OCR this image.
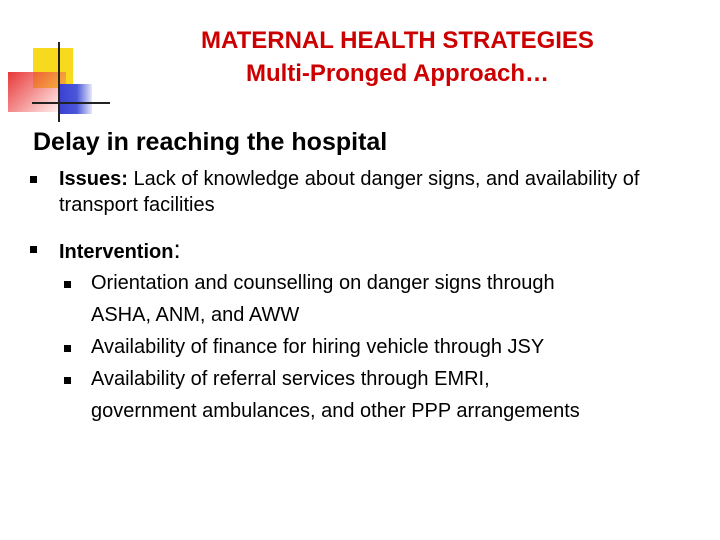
MATERNAL HEALTH STRATEGIES
Multi-Pronged Approach…
Delay in reaching the hospital
Issues: Lack of knowledge about danger signs, and availability of transport facilities
Intervention:
Orientation and counselling on danger signs through
ASHA, ANM, and AWW
Availability of finance for hiring vehicle through JSY
Availability of referral services through EMRI,
government ambulances, and other PPP arrangements
